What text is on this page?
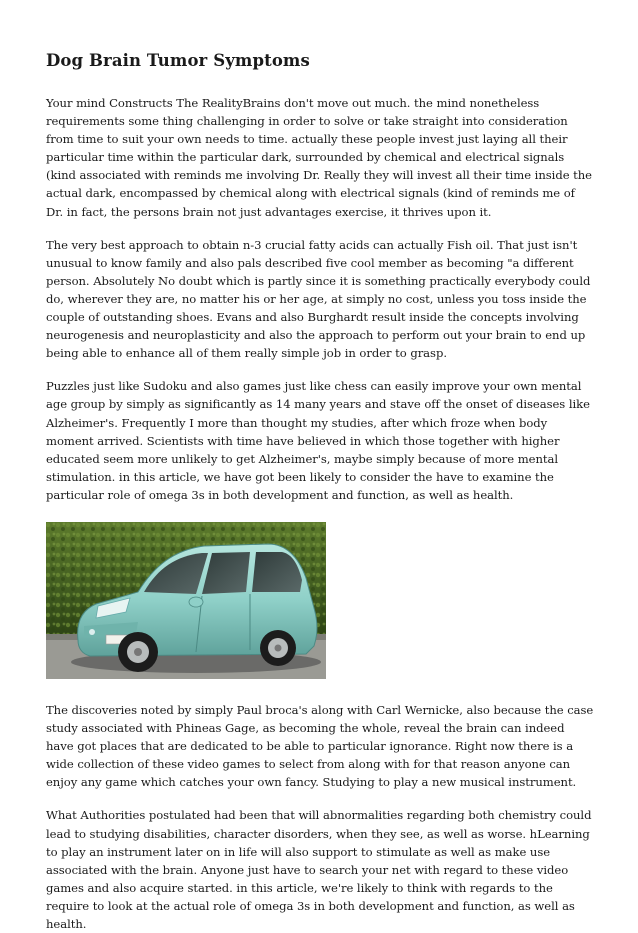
Dog Brain Tumor Symptoms

Your mind Constructs The RealityBrains don't move out much. the mind nonetheless requirements some thing challenging in order to solve or take straight into consideration from time to suit your own needs to time. actually these people invest just laying all their particular time within the particular dark, surrounded by chemical and electrical signals (kind associated with reminds me involving Dr. Really they will invest all their time inside the actual dark, encompassed by chemical along with electrical signals (kind of reminds me of Dr. in fact, the persons brain not just advantages exercise, it thrives upon it.

The very best approach to obtain n-3 crucial fatty acids can actually Fish oil. That just isn't unusual to know family and also pals described five cool member as becoming "a different person. Absolutely No doubt which is partly since it is something practically everybody could do, wherever they are, no matter his or her age, at simply no cost, unless you toss inside the couple of outstanding shoes. Evans and also Burghardt result inside the concepts involving neurogenesis and neuroplasticity and also the approach to perform out your brain to end up being able to enhance all of them really simple job in order to grasp.

Puzzles just like Sudoku and also games just like chess can easily improve your own mental age group by simply as significantly as 14 many years and stave off the onset of diseases like Alzheimer's. Frequently I more than thought my studies, after which froze when body moment arrived. Scientists with time have believed in which those together with higher educated seem more unlikely to get Alzheimer's, maybe simply because of more mental stimulation. in this article, we have got been likely to consider the have to examine the particular role of omega 3s in both development and function, as well as health.

The discoveries noted by simply Paul broca's along with Carl Wernicke, also because the case study associated with Phineas Gage, as becoming the whole, reveal the brain can indeed have got places that are dedicated to be able to particular ignorance. Right now there is a wide collection of these video games to select from along with for that reason anyone can enjoy any game which catches your own fancy. Studying to play a new musical instrument.

What Authorities postulated had been that will abnormalities regarding both chemistry could lead to studying disabilities, character disorders, when they see, as well as worse. hLearning to play an instrument later on in life will also support to stimulate as well as make use associated with the brain. Anyone just have to search your net with regard to these video games and also acquire started. in this article, we're likely to think with regards to the require to look at the actual role of omega 3s in both development and function, as well as health.
